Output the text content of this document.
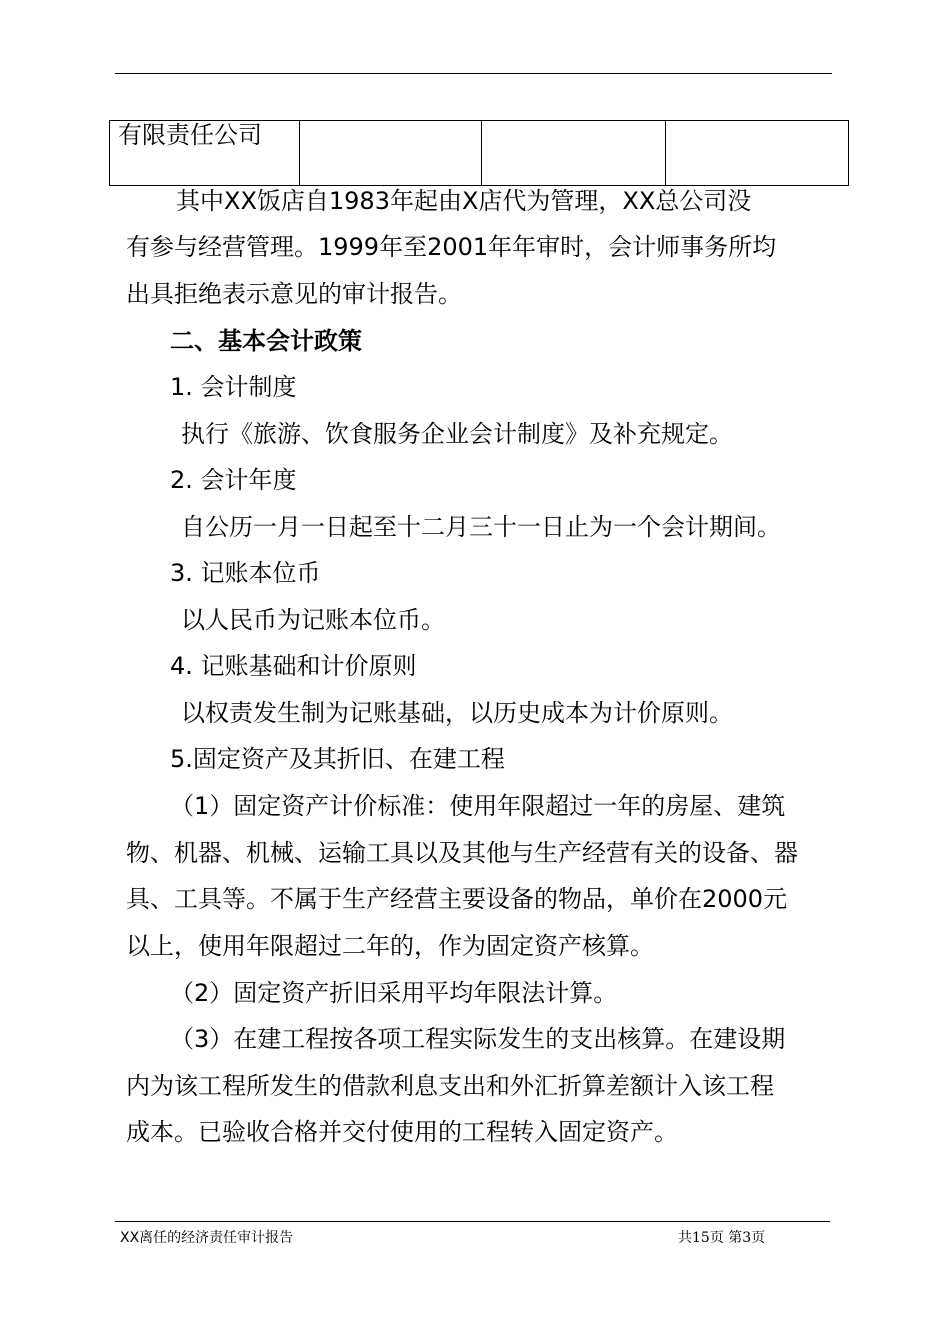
有限责任公司			
其中XX饭店自1983年起由X店代为管理，XX总公司没
有参与经营管理。1999年至2001年年审时，会计师事务所均
出具拒绝表示意见的审计报告。
二、基本会计政策
1. 会计制度
执行《旅游、饮食服务企业会计制度》及补充规定。
2. 会计年度
自公历一月一日起至十二月三十一日止为一个会计期间。
3. 记账本位币
以人民币为记账本位币。
4. 记账基础和计价原则
以权责发生制为记账基础，以历史成本为计价原则。
5.固定资产及其折旧、在建工程
（1）固定资产计价标准：使用年限超过一年的房屋、建筑
物、机器、机械、运输工具以及其他与生产经营有关的设备、器
具、工具等。不属于生产经营主要设备的物品，单价在2000元
以上，使用年限超过二年的，作为固定资产核算。
（2）固定资产折旧采用平均年限法计算。
（3）在建工程按各项工程实际发生的支出核算。在建设期
内为该工程所发生的借款利息支出和外汇折算差额计入该工程
成本。已验收合格并交付使用的工程转入固定资产。
XX离任的经济责任审计报告	共15页 第3页
